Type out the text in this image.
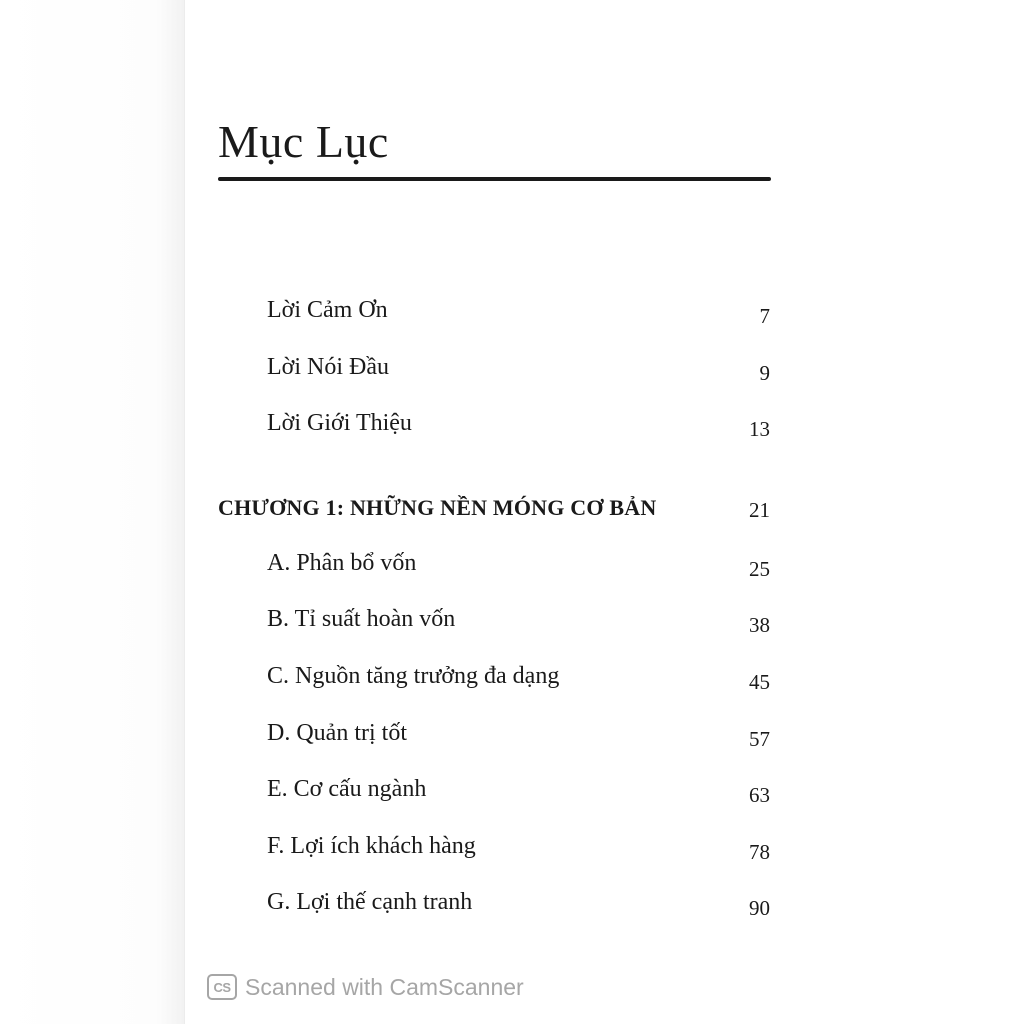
Mục Lục
Lời Cảm Ơn	7
Lời Nói Đầu	9
Lời Giới Thiệu	13
CHƯƠNG 1: NHỮNG NỀN MÓNG CƠ BẢN	21
A. Phân bổ vốn	25
B. Tỉ suất hoàn vốn	38
C. Nguồn tăng trưởng đa dạng	45
D. Quản trị tốt	57
E. Cơ cấu ngành	63
F. Lợi ích khách hàng	78
G. Lợi thế cạnh tranh	90
CS Scanned with CamScanner
